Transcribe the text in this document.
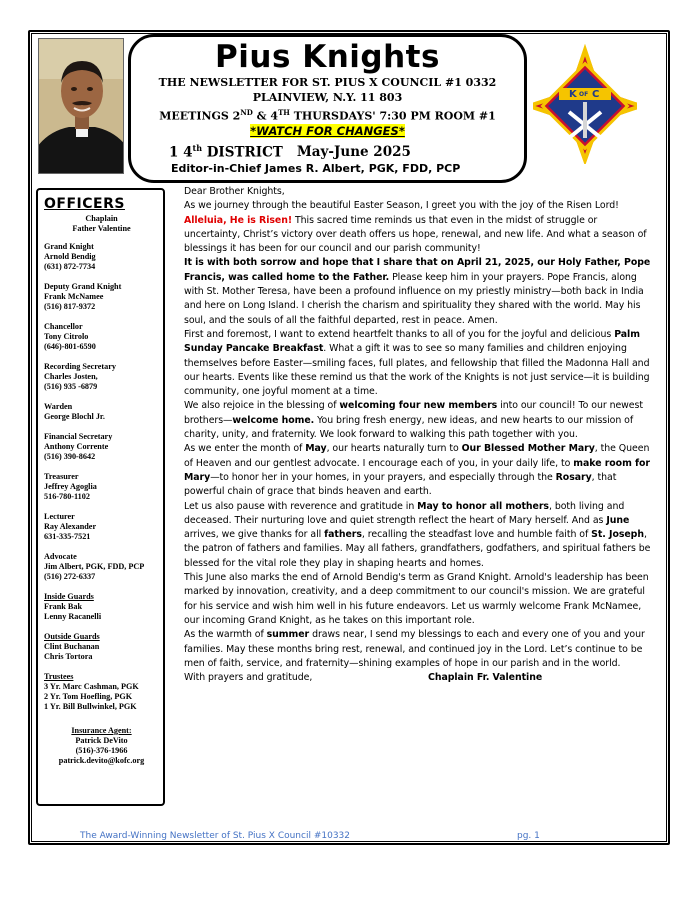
Pius Knights
THE NEWSLETTER FOR ST. PIUS X COUNCIL #1 0332
PLAINVIEW, N.Y. 11 803
MEETINGS 2ND & 4TH THURSDAYS' 7:30 PM ROOM #1
*WATCH FOR CHANGES*
1 4th DISTRICT May-June 2025
Editor-in-Chief James R. Albert, PGK, FDD, PCP
K OF C
OFFICERS
Chaplain
Father Valentine
Grand Knight
Arnold Bendig
(631) 872-7734
Deputy Grand Knight
Frank McNamee
(516) 817-9372
Chancellor
Tony Citrolo
(646)-801-6590
Recording Secretary
Charles Josten,
(516) 935 -6879
Warden
George Blochl Jr.
Financial Secretary
Anthony Corrente
(516) 390-8642
Treasurer
Jeffrey Agoglia
516-780-1102
Lecturer
Ray Alexander
631-335-7521
Advocate
Jim Albert, PGK, FDD, PCP
(516) 272-6337
Inside Guards
Frank Bak
Lenny Racanelli
Outside Guards
Clint Buchanan
Chris Tortora
Trustees
3 Yr. Marc Cashman, PGK
2 Yr. Tom Hoefling, PGK
1 Yr. Bill Bullwinkel, PGK
Insurance Agent:
Patrick DeVito
(516)-376-1966
patrick.devito@kofc.org

Dear Brother Knights,

As we journey through the beautiful Easter Season, I greet you with the joy of the Risen Lord! Alleluia, He is Risen! This sacred time reminds us that even in the midst of struggle or uncertainty, Christ’s victory over death offers us hope, renewal, and new life. And what a season of blessings it has been for our council and our parish community!

It is with both sorrow and hope that I share that on April 21, 2025, our Holy Father, Pope Francis, was called home to the Father. Please keep him in your prayers. Pope Francis, along with St. Mother Teresa, have been a profound influence on my priestly ministry—both back in India and here on Long Island. I cherish the charism and spirituality they shared with the world. May his soul, and the souls of all the faithful departed, rest in peace. Amen.

First and foremost, I want to extend heartfelt thanks to all of you for the joyful and delicious Palm Sunday Pancake Breakfast. What a gift it was to see so many families and children enjoying themselves before Easter—smiling faces, full plates, and fellowship that filled the Madonna Hall and our hearts. Events like these remind us that the work of the Knights is not just service—it is building community, one joyful moment at a time.

We also rejoice in the blessing of welcoming four new members into our council! To our newest brothers—welcome home. You bring fresh energy, new ideas, and new hearts to our mission of charity, unity, and fraternity. We look forward to walking this path together with you.

As we enter the month of May, our hearts naturally turn to Our Blessed Mother Mary, the Queen of Heaven and our gentlest advocate. I encourage each of you, in your daily life, to make room for Mary—to honor her in your homes, in your prayers, and especially through the Rosary, that powerful chain of grace that binds heaven and earth.

Let us also pause with reverence and gratitude in May to honor all mothers, both living and deceased. Their nurturing love and quiet strength reflect the heart of Mary herself. And as June arrives, we give thanks for all fathers, recalling the steadfast love and humble faith of St. Joseph, the patron of fathers and families. May all fathers, grandfathers, godfathers, and spiritual fathers be blessed for the vital role they play in shaping hearts and homes.

This June also marks the end of Arnold Bendig's term as Grand Knight. Arnold's leadership has been marked by innovation, creativity, and a deep commitment to our council's mission. We are grateful for his service and wish him well in his future endeavors. Let us warmly welcome Frank McNamee, our incoming Grand Knight, as he takes on this important role.

As the warmth of summer draws near, I send my blessings to each and every one of you and your families. May these months bring rest, renewal, and continued joy in the Lord. Let’s continue to be men of faith, service, and fraternity—shining examples of hope in our parish and in the world.

With prayers and gratitude,	Chaplain Fr. Valentine
The Award-Winning Newsletter of St. Pius X Council #10332	pg. 1
